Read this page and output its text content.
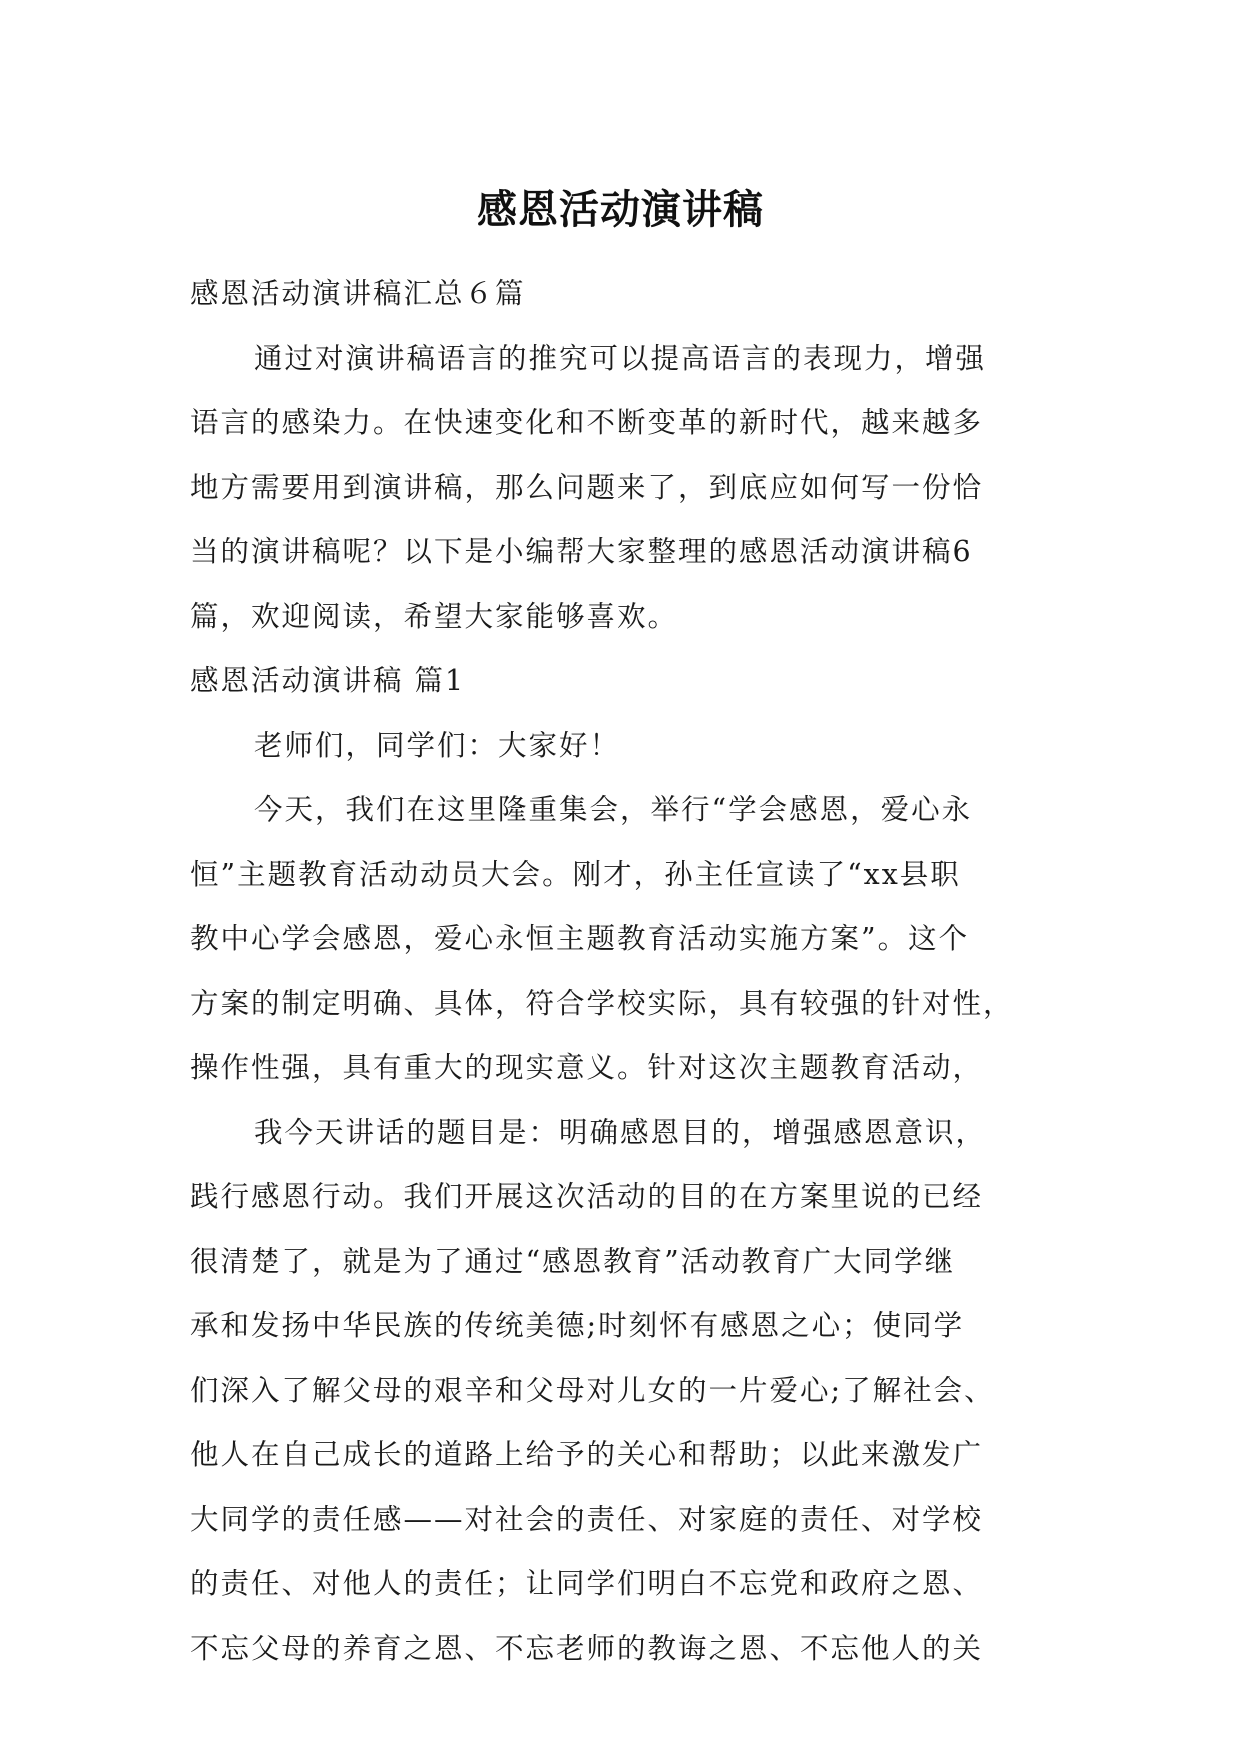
感恩活动演讲稿

感恩活动演讲稿汇总６篇

通过对演讲稿语言的推究可以提高语言的表现力，增强

语言的感染力。在快速变化和不断变革的新时代，越来越多

地方需要用到演讲稿，那么问题来了，到底应如何写一份恰

当的演讲稿呢？以下是小编帮大家整理的感恩活动演讲稿6

篇，欢迎阅读，希望大家能够喜欢。

感恩活动演讲稿 篇1

老师们，同学们：大家好！

今天，我们在这里隆重集会，举行“学会感恩，爱心永

恒”主题教育活动动员大会。刚才，孙主任宣读了“xx县职

教中心学会感恩，爱心永恒主题教育活动实施方案”。这个

方案的制定明确、具体，符合学校实际，具有较强的针对性，

操作性强，具有重大的现实意义。针对这次主题教育活动，

我今天讲话的题目是：明确感恩目的，增强感恩意识，

践行感恩行动。我们开展这次活动的目的在方案里说的已经

很清楚了，就是为了通过“感恩教育”活动教育广大同学继

承和发扬中华民族的传统美德;时刻怀有感恩之心；使同学

们深入了解父母的艰辛和父母对儿女的一片爱心;了解社会、

他人在自己成长的道路上给予的关心和帮助；以此来激发广

大同学的责任感——对社会的责任、对家庭的责任、对学校

的责任、对他人的责任；让同学们明白不忘党和政府之恩、

不忘父母的养育之恩、不忘老师的教诲之恩、不忘他人的关
